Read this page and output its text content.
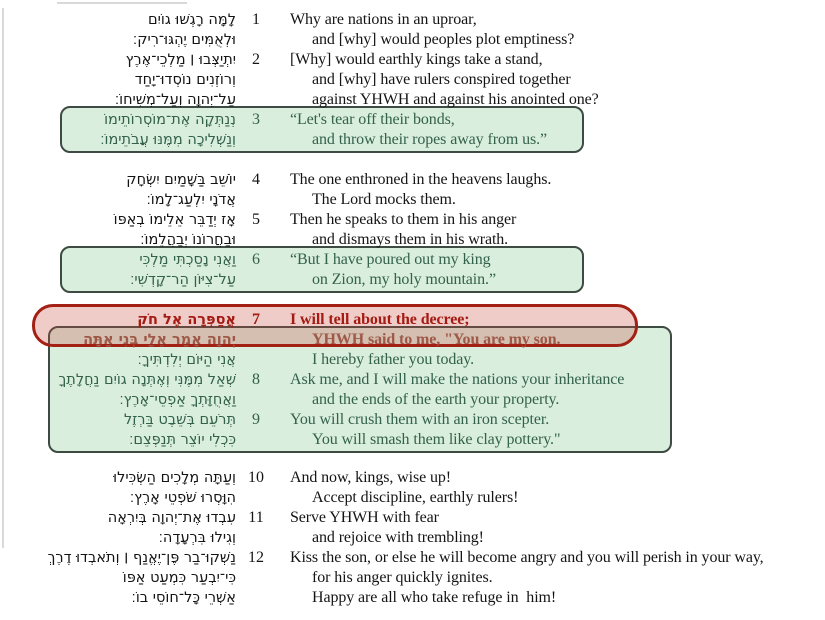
לָמָּה רָגְשׁוּ גוֹיִם	1	Why are nations in an uproar,
וּלְאֻמִּים יֶהְגּוּ־רִיק׃	and [why] would peoples plot emptiness?
יִתְיַצְּבוּ ׀ מַלְכֵי־אֶרֶץ	2	[Why] would earthly kings take a stand,
וְרוֹזְנִים נוֹסְדוּ־יָחַד	and [why] have rulers conspired together
עַל־יְהוָה וְעַל־מְשִׁיחוֹ׃	against YHWH and against his anointed one?
נְנַתְּקָה אֶת־מוֹסְרוֹתֵימוֹ	3	“Let's tear off their bonds,
וְנַשְׁלִיכָה מִמֶּנּוּ עֲבֹתֵימוֹ׃	and throw their ropes away from us.”
יוֹשֵׁב בַּשָּׁמַיִם יִשְׂחָק	4	The one enthroned in the heavens laughs.
אֲדֹנָי יִלְעַג־לָמוֹ׃	The Lord mocks them.
אָז יְדַבֵּר אֵלֵימוֹ בְאַפּוֹ	5	Then he speaks to them in his anger
וּבַחֲרוֹנוֹ יְבַהֲלֵמוֹ׃	and dismays them in his wrath.
וַאֲנִי נָסַכְתִּי מַלְכִּי	6	“But I have poured out my king
עַל־צִיּוֹן הַר־קָדְשִׁי׃	on Zion, my holy mountain.”
אֲסַפְּרָה אֶל חֹק	7	I will tell about the decree;
יְהוָה אָמַר אֵלַי בְּנִי אַתָּה	YHWH said to me, "You are my son.
אֲנִי הַיּוֹם יְלִדְתִּיךָ׃	I hereby father you today.
שְׁאַל מִמֶּנִּי וְאֶתְּנָה גוֹיִם נַחֲלָתֶךָ	8	Ask me, and I will make the nations your inheritance
וַאֲחֻזָּתְךָ אַפְסֵי־אָרֶץ׃	and the ends of the earth your property.
תְּרֹעֵם בְּשֵׁבֶט בַּרְזֶל	9	You will crush them with an iron scepter.
כִּכְלִי יוֹצֵר תְּנַפְּצֵם׃	You will smash them like clay pottery."
וְעַתָּה מְלָכִים הַשְׂכִּילוּ 10	And now, kings, wise up!
הִוָּסְרוּ שֹׁפְטֵי אָרֶץ׃	Accept discipline, earthly rulers!
עִבְדוּ אֶת־יְהוָה בְּיִרְאָה 11	Serve YHWH with fear
וְגִילוּ בִּרְעָדָה׃	and rejoice with trembling!
נַשְּׁקוּ־בַר פֶּן־יֶאֱנַף ׀ וְתֹאבְדוּ דֶרֶךְ 12	Kiss the son, or else he will become angry and you will perish in your way,
כִּי־יִבְעַר כִּמְעַט אַפּוֹ	for his anger quickly ignites.
אַשְׁרֵי כָּל־חוֹסֵי בוֹ׃	Happy are all who take refuge in  him!
